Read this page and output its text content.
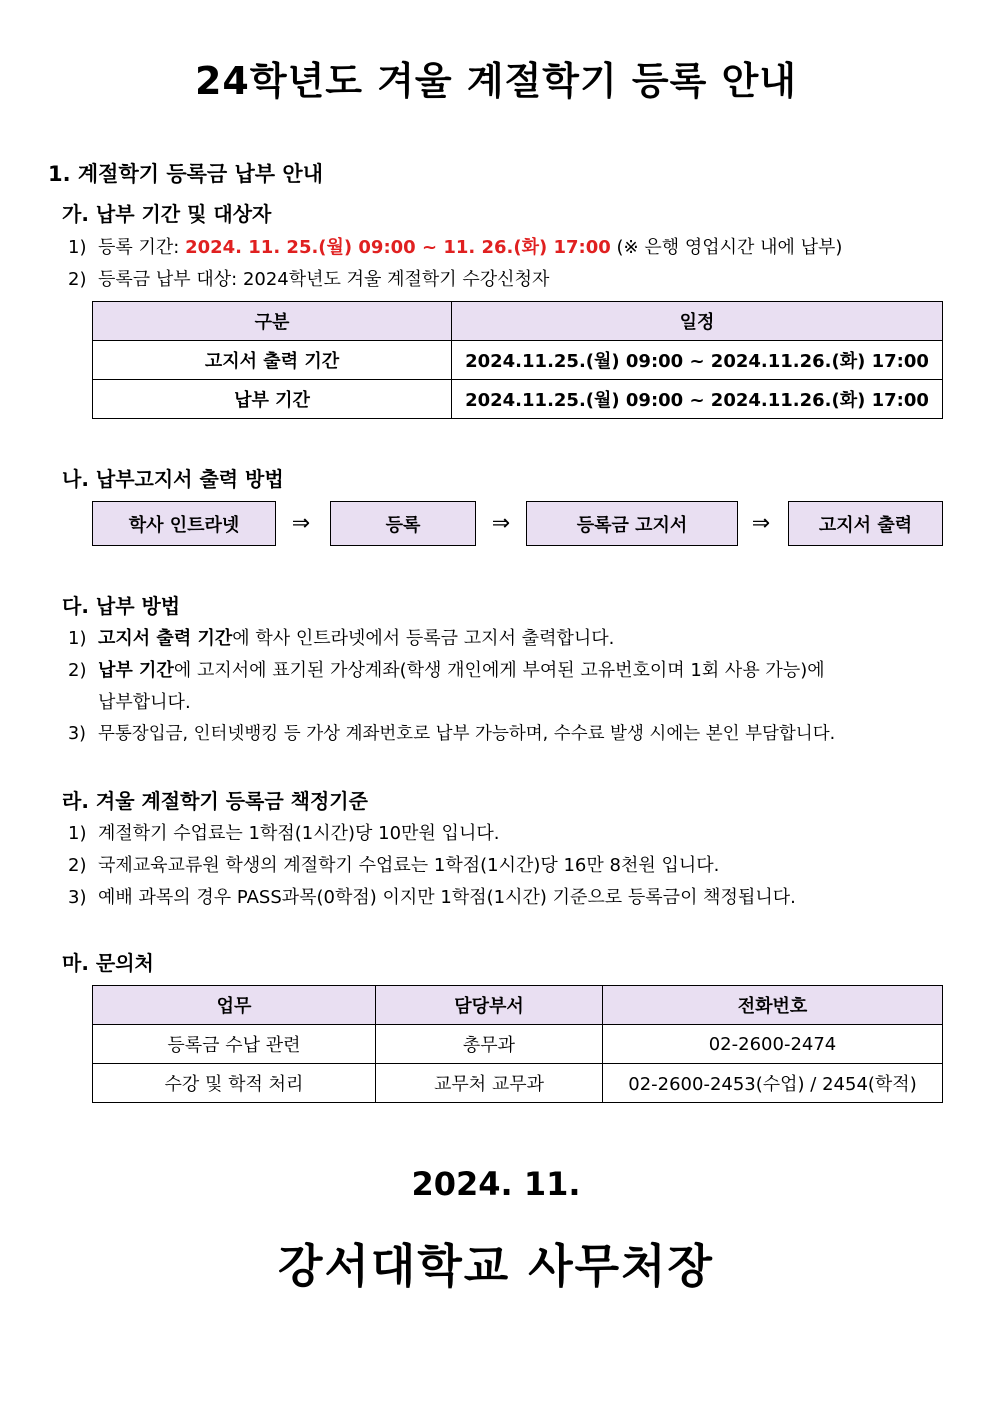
24학년도 겨울 계절학기 등록 안내
1. 계절학기 등록금 납부 안내
가. 납부 기간 및 대상자
1) 등록 기간: 2024. 11. 25.(월) 09:00 ~ 11. 26.(화) 17:00 (※ 은행 영업시간 내에 납부)
2) 등록금 납부 대상: 2024학년도 겨울 계절학기 수강신청자
구분	일정
고지서 출력 기간	2024.11.25.(월) 09:00 ~ 2024.11.26.(화) 17:00
납부 기간	2024.11.25.(월) 09:00 ~ 2024.11.26.(화) 17:00
나. 납부고지서 출력 방법
학사 인트라넷	⇒	등록	⇒	등록금 고지서	⇒	고지서 출력
다. 납부 방법
1) 고지서 출력 기간에 학사 인트라넷에서 등록금 고지서 출력합니다.
2) 납부 기간에 고지서에 표기된 가상계좌(학생 개인에게 부여된 고유번호이며 1회 사용 가능)에
납부합니다.
3) 무통장입금, 인터넷뱅킹 등 가상 계좌번호로 납부 가능하며, 수수료 발생 시에는 본인 부담합니다.
라. 겨울 계절학기 등록금 책정기준
1) 계절학기 수업료는 1학점(1시간)당 10만원 입니다.
2) 국제교육교류원 학생의 계절학기 수업료는 1학점(1시간)당 16만 8천원 입니다.
3) 예배 과목의 경우 PASS과목(0학점) 이지만 1학점(1시간) 기준으로 등록금이 책정됩니다.
마. 문의처
업무	담당부서	전화번호
등록금 수납 관련	총무과	02-2600-2474
수강 및 학적 처리	교무처 교무과	02-2600-2453(수업) / 2454(학적)
2024. 11.
강서대학교 사무처장
